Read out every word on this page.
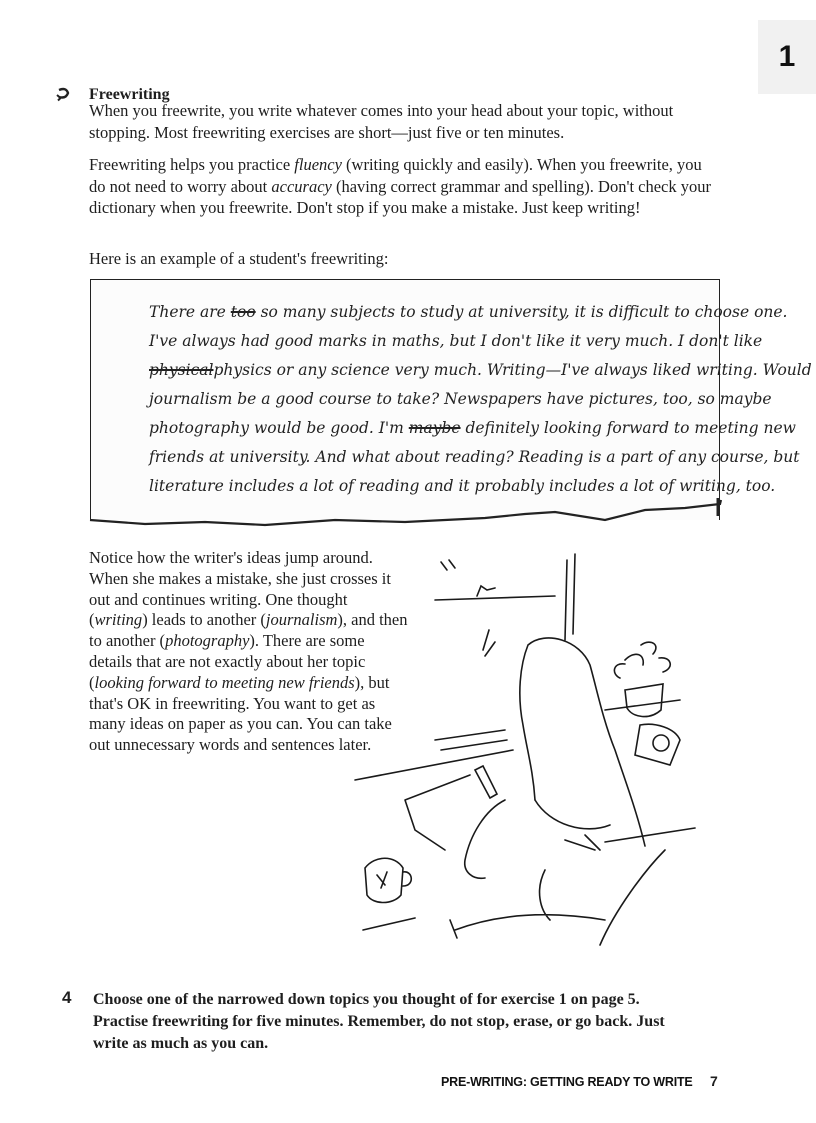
1
Freewriting

When you freewrite, you write whatever comes into your head about your topic, without stopping. Most freewriting exercises are short—just five or ten minutes.

Freewriting helps you practice fluency (writing quickly and easily). When you freewrite, you do not need to worry about accuracy (having correct grammar and spelling). Don't check your dictionary when you freewrite. Don't stop if you make a mistake. Just keep writing!

Here is an example of a student's freewriting:

There are too so many subjects to study at university, it is difficult to choose one.
I've always had good marks in maths, but I don't like it very much. I don't like
physicalphysics or any science very much. Writing—I've always liked writing. Would
journalism be a good course to take? Newspapers have pictures, too, so maybe
photography would be good. I'm maybe definitely looking forward to meeting new
friends at university. And what about reading? Reading is a part of any course, but
literature includes a lot of reading and it probably includes a lot of writing, too.

Notice how the writer's ideas jump around. When she makes a mistake, she just crosses it out and continues writing. One thought (writing) leads to another (journalism), and then to another (photography). There are some details that are not exactly about her topic (looking forward to meeting new friends), but that's OK in freewriting. You want to get as many ideas on paper as you can. You can take out unnecessary words and sentences later.

4 Choose one of the narrowed down topics you thought of for exercise 1 on page 5. Practise freewriting for five minutes. Remember, do not stop, erase, or go back. Just write as much as you can.
PRE-WRITING: GETTING READY TO WRITE 7
